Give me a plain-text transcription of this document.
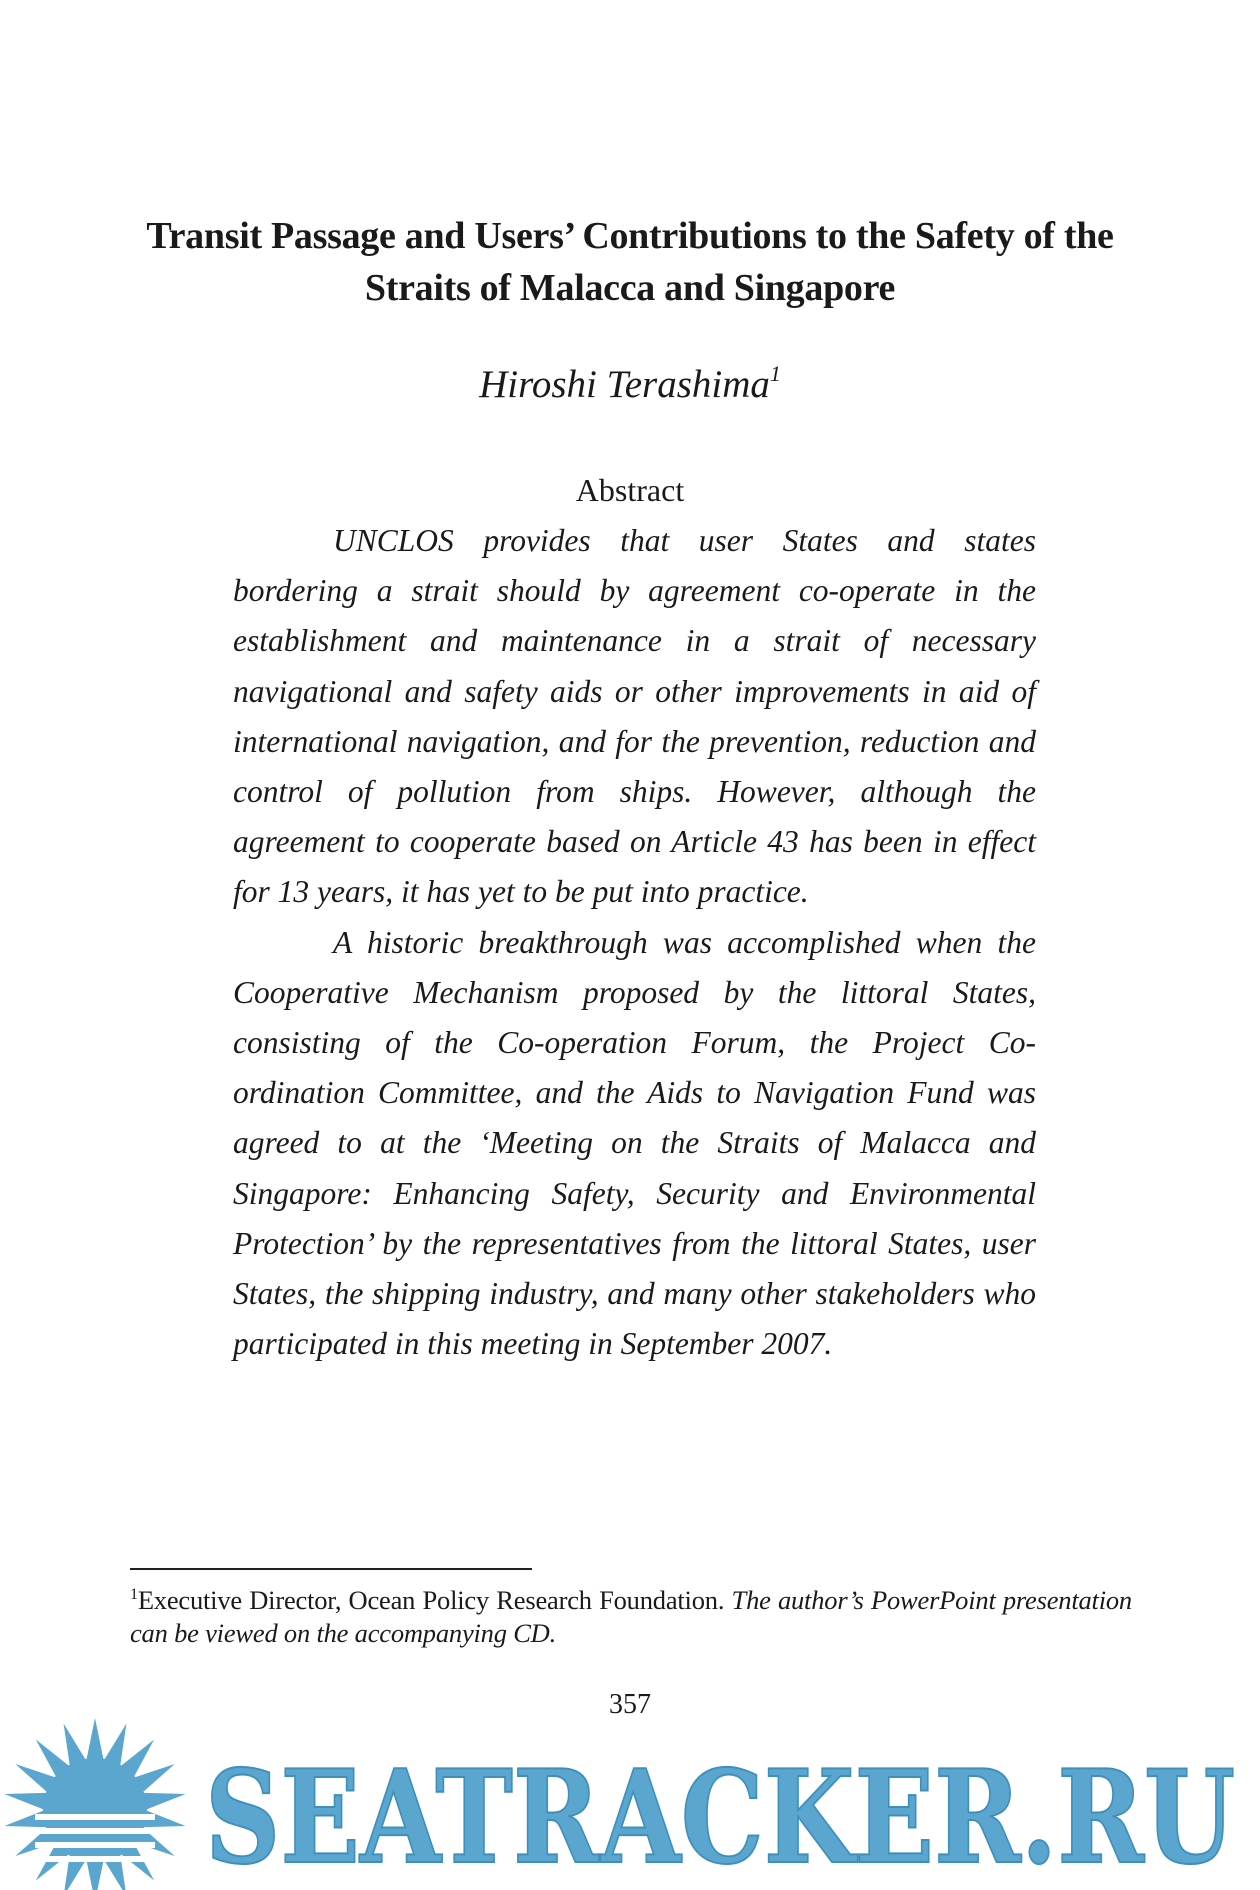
Transit Passage and Users’ Contributions to the Safety of the Straits of Malacca and Singapore
Hiroshi Terashima$^1$
Abstract

UNCLOS provides that user States and states bordering a strait should by agreement co-operate in the establishment and maintenance in a strait of necessary navigational and safety aids or other improvements in aid of international navigation, and for the prevention, reduction and control of pollution from ships. However, although the agreement to cooperate based on Article 43 has been in effect for 13 years, it has yet to be put into practice.

A historic breakthrough was accomplished when the Cooperative Mechanism proposed by the littoral States, consisting of the Co-operation Forum, the Project Co-ordination Committee, and the Aids to Navigation Fund was agreed to at the ‘Meeting on the Straits of Malacca and Singapore: Enhancing Safety, Security and Environmental Protection’ by the representatives from the littoral States, user States, the shipping industry, and many other stakeholders who participated in this meeting in September 2007.

$^1$Executive Director, Ocean Policy Research Foundation. The author’s PowerPoint presentation can be viewed on the accompanying CD.
357
SEATRACKER.RU
